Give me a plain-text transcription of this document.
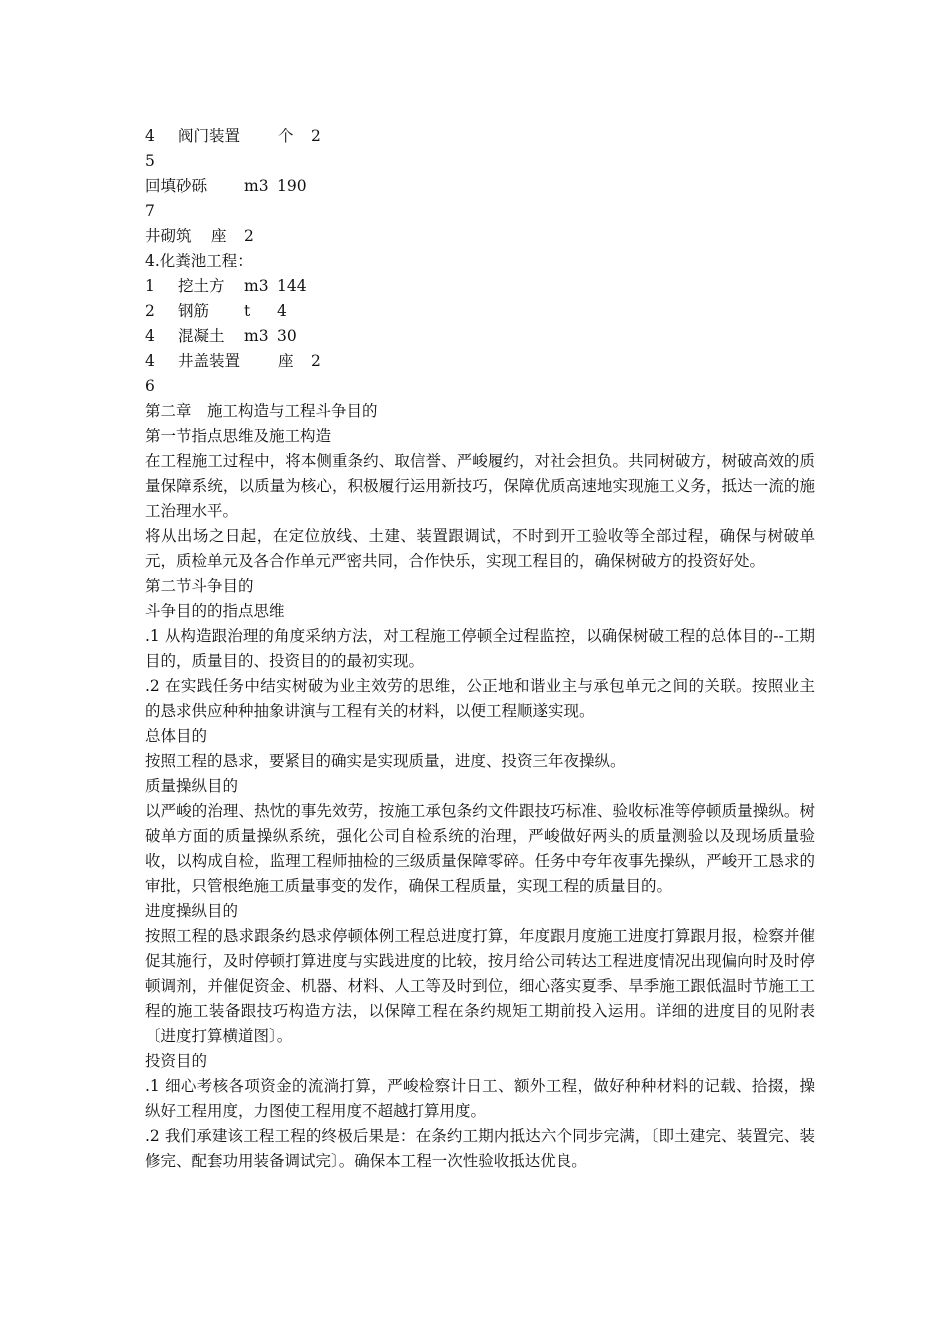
4 阀门装置 个 2
5
回填砂砾 m3 190
7
井砌筑 座 2
4.化粪池工程：
1 挖土方 m3 144
2 钢筋 t 4
4 混凝土 m3 30
4 井盖装置 座 2
6
第二章　施工构造与工程斗争目的
第一节指点思维及施工构造
在工程施工过程中，将本侧重条约、取信誉、严峻履约，对社会担负。共同树破方，树破高效的质量保障系统，以质量为核心，积极履行运用新技巧，保障优质高速地实现施工义务，抵达一流的施工治理水平。
将从出场之日起，在定位放线、土建、装置跟调试，不时到开工验收等全部过程，确保与树破单元，质检单元及各合作单元严密共同，合作快乐，实现工程目的，确保树破方的投资好处。
第二节斗争目的
斗争目的的指点思维
.1 从构造跟治理的角度采纳方法，对工程施工停顿全过程监控，以确保树破工程的总体目的--工期目的，质量目的、投资目的的最初实现。
.2 在实践任务中结实树破为业主效劳的思维，公正地和谐业主与承包单元之间的关联。按照业主的恳求供应种种抽象讲演与工程有关的材料，以便工程顺遂实现。
总体目的
按照工程的恳求，要紧目的确实是实现质量，进度、投资三年夜操纵。
质量操纵目的
以严峻的治理、热忱的事先效劳，按施工承包条约文件跟技巧标准、验收标准等停顿质量操纵。树破单方面的质量操纵系统，强化公司自检系统的治理，严峻做好两头的质量测验以及现场质量验收，以构成自检，监理工程师抽检的三级质量保障零碎。任务中夸年夜事先操纵，严峻开工恳求的审批，只管根绝施工质量事变的发作，确保工程质量，实现工程的质量目的。
进度操纵目的
按照工程的恳求跟条约恳求停顿体例工程总进度打算，年度跟月度施工进度打算跟月报，检察并催促其施行，及时停顿打算进度与实践进度的比较，按月给公司转达工程进度情况出现偏向时及时停顿调剂，并催促资金、机器、材料、人工等及时到位，细心落实夏季、旱季施工跟低温时节施工工程的施工装备跟技巧构造方法，以保障工程在条约规矩工期前投入运用。详细的进度目的见附表〔进度打算横道图〕。
投资目的
.1 细心考核各项资金的流淌打算，严峻检察计日工、额外工程，做好种种材料的记载、拾掇，操纵好工程用度，力图使工程用度不超越打算用度。
.2 我们承建该工程工程的终极后果是：在条约工期内抵达六个同步完满，〔即土建完、装置完、装修完、配套功用装备调试完〕。确保本工程一次性验收抵达优良。
